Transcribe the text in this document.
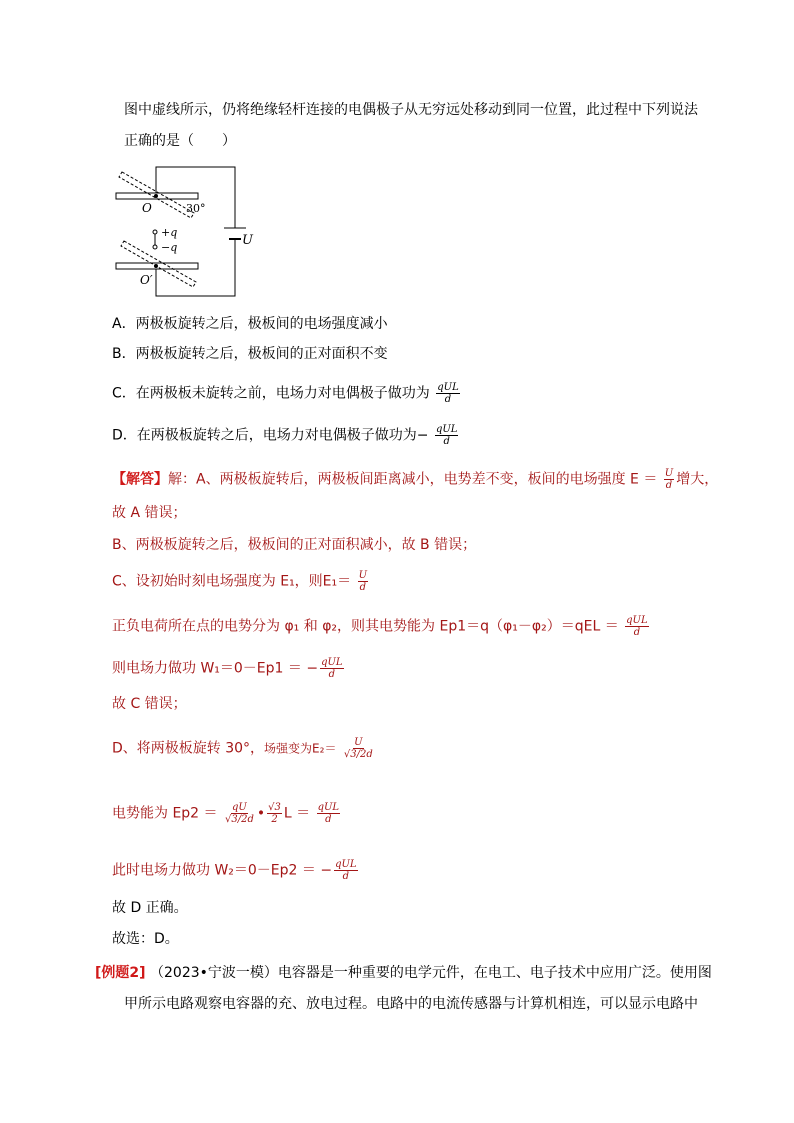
图中虚线所示，仍将绝缘轻杆连接的电偶极子从无穷远处移动到同一位置，此过程中下列说法
正确的是（　　）
O	30°
+q
−q	U
O′
A．两极板旋转之后，极板间的电场强度减小
B．两极板旋转之后，极板间的正对面积不变
C．在两极板未旋转之前，电场力对电偶极子做功为 $\frac{\text{qUL}}{d}$
D．在两极板旋转之后，电场力对电偶极子做功为− $\frac{\text{qUL}}{d}$
【解答】解：A、两极板旋转后，两极板间距离减小，电势差不变，板间的电场强度 $E = \frac{U}{d}$ 增大，
故 A 错误；
B、两极板旋转之后，极板间的正对面积减小，故 B 错误；
C、设初始时刻电场强度为 E₁，则$E_1= \frac{U}{d}$
正负电荷所在点的电势分为 φ₁ 和 φ₂，则其电势能为 $Ep1=q(\varphi_1-\varphi_2)=qEL = \frac{\text{qUL}}{d}$
则电场力做功 W₁＝0－Ep1 ＝ − $\frac{\text{qUL}}{d}$
故 C 错误；
D、将两极板旋转 30°，场强变为$E_2= \frac{U}{√3/2d}$
电势能为 $Ep2 = \frac{qU}{√3/2d}$ • $\frac{√3}{2}$ $L = \frac{\text{qUL}}{d}$
此时电场力做功 W₂＝0－Ep2 ＝ − $\frac{\text{qUL}}{d}$
故 D 正确。
故选：D。
[例题2] （2023•宁波一模）电容器是一种重要的电学元件，在电工、电子技术中应用广泛。使用图
甲所示电路观察电容器的充、放电过程。电路中的电流传感器与计算机相连，可以显示电路中
